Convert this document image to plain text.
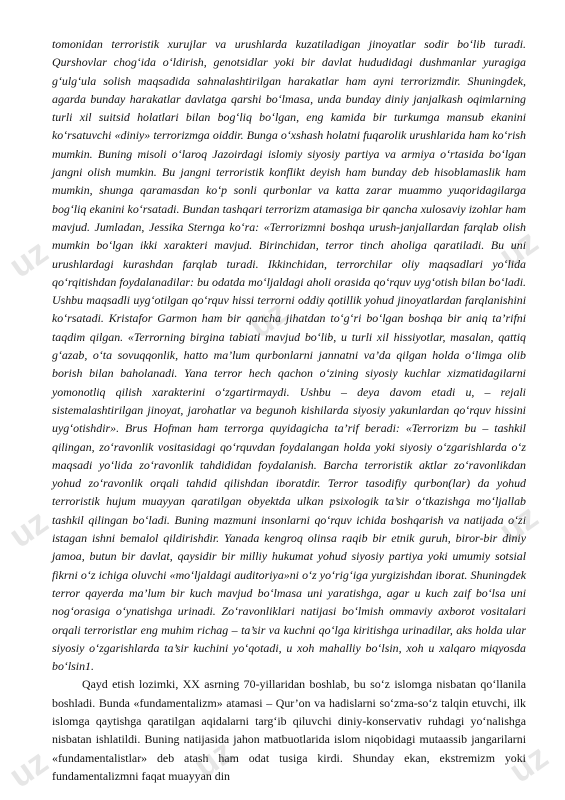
uz
uz
uz
uz	uz
uz	uz	uz

tomonidan terroristik xurujlar va urushlarda kuzatiladigan jinoyatlar sodir bo‘lib turadi. Qurshovlar chog‘ida o‘ldirish, genotsidlar yoki bir davlat hududidagi dushmanlar yuragiga g‘ulg‘ula solish maqsadida sahnalashtirilgan harakatlar ham ayni terrorizmdir. Shuningdek, agarda bunday harakatlar davlatga qarshi bo‘lmasa, unda bunday diniy janjalkash oqimlarning turli xil suitsid holatlari bilan bog‘liq bo‘lgan, eng kamida bir turkumga mansub ekanini ko‘rsatuvchi «diniy» terrorizmga oiddir. Bunga o‘xshash holatni fuqarolik urushlarida ham ko‘rish mumkin. Buning misoli o‘laroq Jazoirdagi islomiy siyosiy partiya va armiya o‘rtasida bo‘lgan jangni olish mumkin. Bu jangni terroristik konflikt deyish ham bunday deb hisoblamaslik ham mumkin, shunga qaramasdan ko‘p sonli qurbonlar va katta zarar muammo yuqoridagilarga bog‘liq ekanini ko‘rsatadi. Bundan tashqari terrorizm atamasiga bir qancha xulosaviy izohlar ham mavjud. Jumladan, Jessika Sternga ko‘ra: «Terrorizmni boshqa urush-janjallardan farqlab olish mumkin bo‘lgan ikki xarakteri mavjud. Birinchidan, terror tinch aholiga qaratiladi. Bu uni urushlardagi kurashdan farqlab turadi. Ikkinchidan, terrorchilar oliy maqsadlari yo‘lida qo‘rqitishdan foydalanadilar: bu odatda mo‘ljaldagi aholi orasida qo‘rquv uyg‘otish bilan bo‘ladi. Ushbu maqsadli uyg‘otilgan qo‘rquv hissi terrorni oddiy qotillik yohud jinoyatlardan farqlanishini ko‘rsatadi. Kristafor Garmon ham bir qancha jihatdan to‘g‘ri bo‘lgan boshqa bir aniq ta’rifni taqdim qilgan. «Terrorning birgina tabiati mavjud bo‘lib, u turli xil hissiyotlar, masalan, qattiq g‘azab, o‘ta sovuqqonlik, hatto ma’lum qurbonlarni jannatni va’da qilgan holda o‘limga olib borish bilan baholanadi. Yana terror hech qachon o‘zining siyosiy kuchlar xizmatidagilarni yomonotliq qilish xarakterini o‘zgartirmaydi. Ushbu – deya davom etadi u, – rejali sistemalashtirilgan jinoyat, jarohatlar va begunoh kishilarda siyosiy yakunlardan qo‘rquv hissini uyg‘otishdir». Brus Hofman ham terrorga quyidagicha ta’rif beradi: «Terrorizm bu – tashkil qilingan, zo‘ravonlik vositasidagi qo‘rquvdan foydalangan holda yoki siyosiy o‘zgarishlarda o‘z maqsadi yo‘lida zo‘ravonlik tahdididan foydalanish. Barcha terroristik aktlar zo‘ravonlikdan yohud zo‘ravonlik orqali tahdid qilishdan iboratdir. Terror tasodifiy qurbon(lar) da yohud terroristik hujum muayyan qaratilgan obyektda ulkan psixologik ta’sir o‘tkazishga mo‘ljallab tashkil qilingan bo‘ladi. Buning mazmuni insonlarni qo‘rquv ichida boshqarish va natijada o‘zi istagan ishni bemalol qildirishdir. Yanada kengroq olinsa raqib bir etnik guruh, biror-bir diniy jamoa, butun bir davlat, qaysidir bir milliy hukumat yohud siyosiy partiya yoki umumiy sotsial fikrni o‘z ichiga oluvchi «mo‘ljaldagi auditoriya»ni o‘z yo‘rig‘iga yurgizishdan iborat. Shuningdek terror qayerda ma’lum bir kuch mavjud bo‘lmasa uni yaratishga, agar u kuch zaif bo‘lsa uni nog‘orasiga o‘ynatishga urinadi. Zo‘ravonliklari natijasi bo‘lmish ommaviy axborot vositalari orqali terroristlar eng muhim richag – ta’sir va kuchni qo‘lga kiritishga urinadilar, aks holda ular siyosiy o‘zgarishlarda ta’sir kuchini yo‘qotadi, u xoh mahalliy bo‘lsin, xoh u xalqaro miqyosda bo‘lsin1.

Qayd etish lozimki, XX asrning 70-yillaridan boshlab, bu so‘z islomga nisbatan qo‘llanila boshladi. Bunda «fundamentalizm» atamasi – Qur’on va hadislarni so‘zma-so‘z talqin etuvchi, ilk islomga qaytishga qaratilgan aqidalarni targ‘ib qiluvchi diniy-konservativ ruhdagi yo‘nalishga nisbatan ishlatildi. Buning natijasida jahon matbuotlarida islom niqobidagi mutaassib jangarilarni «fundamentalistlar» deb atash ham odat tusiga kirdi. Shunday ekan, ekstremizm yoki fundamentalizmni faqat muayyan din
